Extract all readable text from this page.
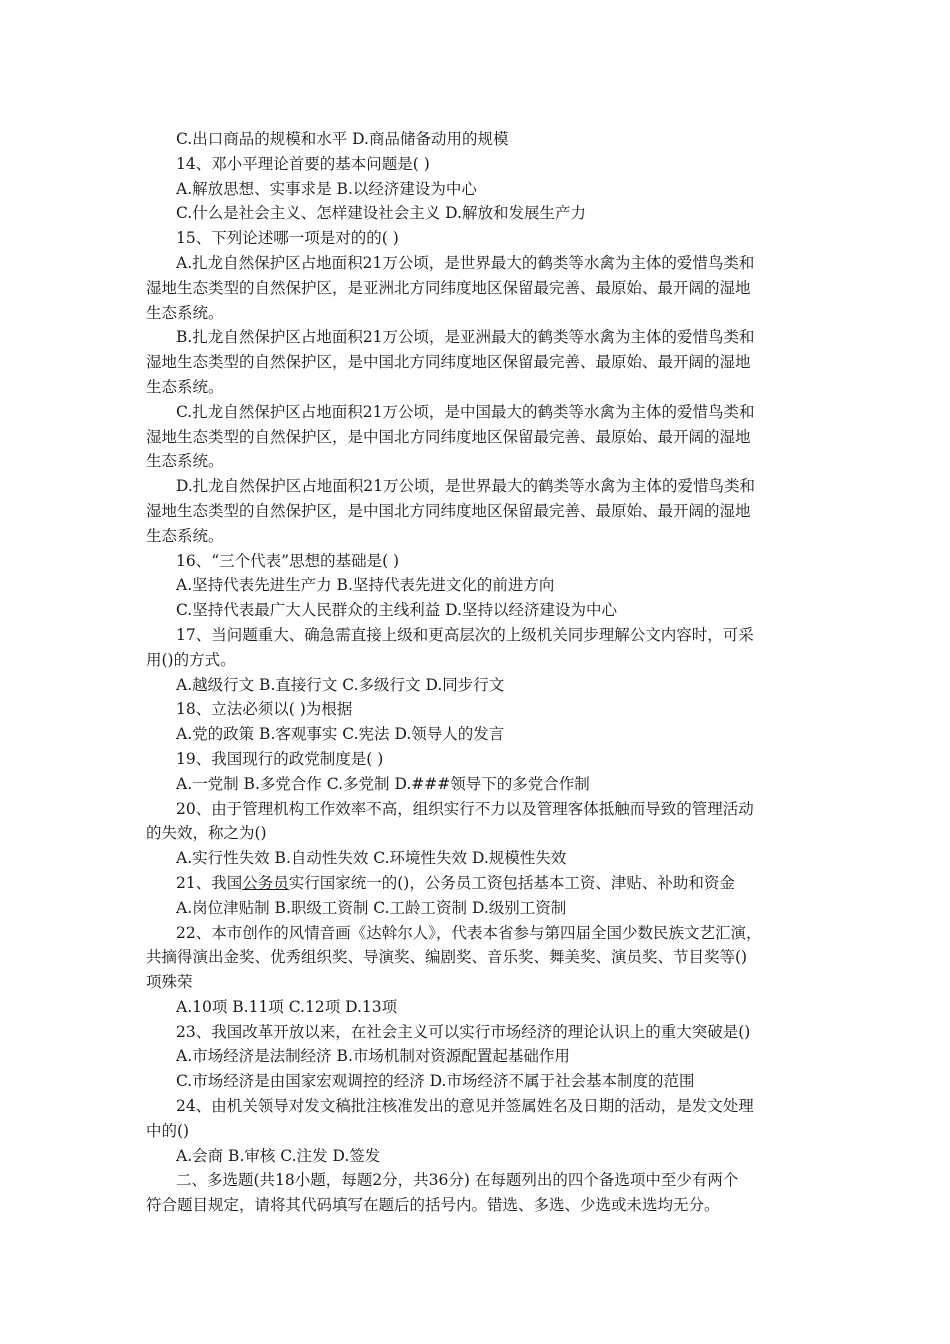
C.出口商品的规模和水平 D.商品储备动用的规模
14、邓小平理论首要的基本问题是( )
A.解放思想、实事求是 B.以经济建设为中心
C.什么是社会主义、怎样建设社会主义 D.解放和发展生产力
15、下列论述哪一项是对的的( )
A.扎龙自然保护区占地面积21万公顷，是世界最大的鹤类等水禽为主体的爱惜鸟类和
湿地生态类型的自然保护区，是亚洲北方同纬度地区保留最完善、最原始、最开阔的湿地
生态系统。
B.扎龙自然保护区占地面积21万公顷，是亚洲最大的鹤类等水禽为主体的爱惜鸟类和
湿地生态类型的自然保护区，是中国北方同纬度地区保留最完善、最原始、最开阔的湿地
生态系统。
C.扎龙自然保护区占地面积21万公顷，是中国最大的鹤类等水禽为主体的爱惜鸟类和
湿地生态类型的自然保护区，是中国北方同纬度地区保留最完善、最原始、最开阔的湿地
生态系统。
D.扎龙自然保护区占地面积21万公顷，是世界最大的鹤类等水禽为主体的爱惜鸟类和
湿地生态类型的自然保护区，是中国北方同纬度地区保留最完善、最原始、最开阔的湿地
生态系统。
16、“三个代表”思想的基础是( )
A.坚持代表先进生产力 B.坚持代表先进文化的前进方向
C.坚持代表最广大人民群众的主线利益 D.坚持以经济建设为中心
17、当问题重大、确急需直接上级和更高层次的上级机关同步理解公文内容时，可采
用()的方式。
A.越级行文 B.直接行文 C.多级行文 D.同步行文
18、立法必须以( )为根据
A.党的政策 B.客观事实 C.宪法 D.领导人的发言
19、我国现行的政党制度是( )
A.一党制 B.多党合作 C.多党制 D.###领导下的多党合作制
20、由于管理机构工作效率不高，组织实行不力以及管理客体抵触而导致的管理活动
的失效，称之为()
A.实行性失效 B.自动性失效 C.环境性失效 D.规模性失效
21、我国公务员实行国家统一的()，公务员工资包括基本工资、津贴、补助和资金
A.岗位津贴制 B.职级工资制 C.工龄工资制 D.级别工资制
22、本市创作的风情音画《达斡尔人》，代表本省参与第四届全国少数民族文艺汇演，
共摘得演出金奖、优秀组织奖、导演奖、编剧奖、音乐奖、舞美奖、演员奖、节目奖等()
项殊荣
A.10项 B.11项 C.12项 D.13项
23、我国改革开放以来，在社会主义可以实行市场经济的理论认识上的重大突破是()
A.市场经济是法制经济 B.市场机制对资源配置起基础作用
C.市场经济是由国家宏观调控的经济 D.市场经济不属于社会基本制度的范围
24、由机关领导对发文稿批注核准发出的意见并签属姓名及日期的活动，是发文处理
中的()
A.会商 B.审核 C.注发 D.签发
二、多选题(共18小题，每题2分，共36分) 在每题列出的四个备选项中至少有两个
符合题目规定，请将其代码填写在题后的括号内。错选、多选、少选或未选均无分。
